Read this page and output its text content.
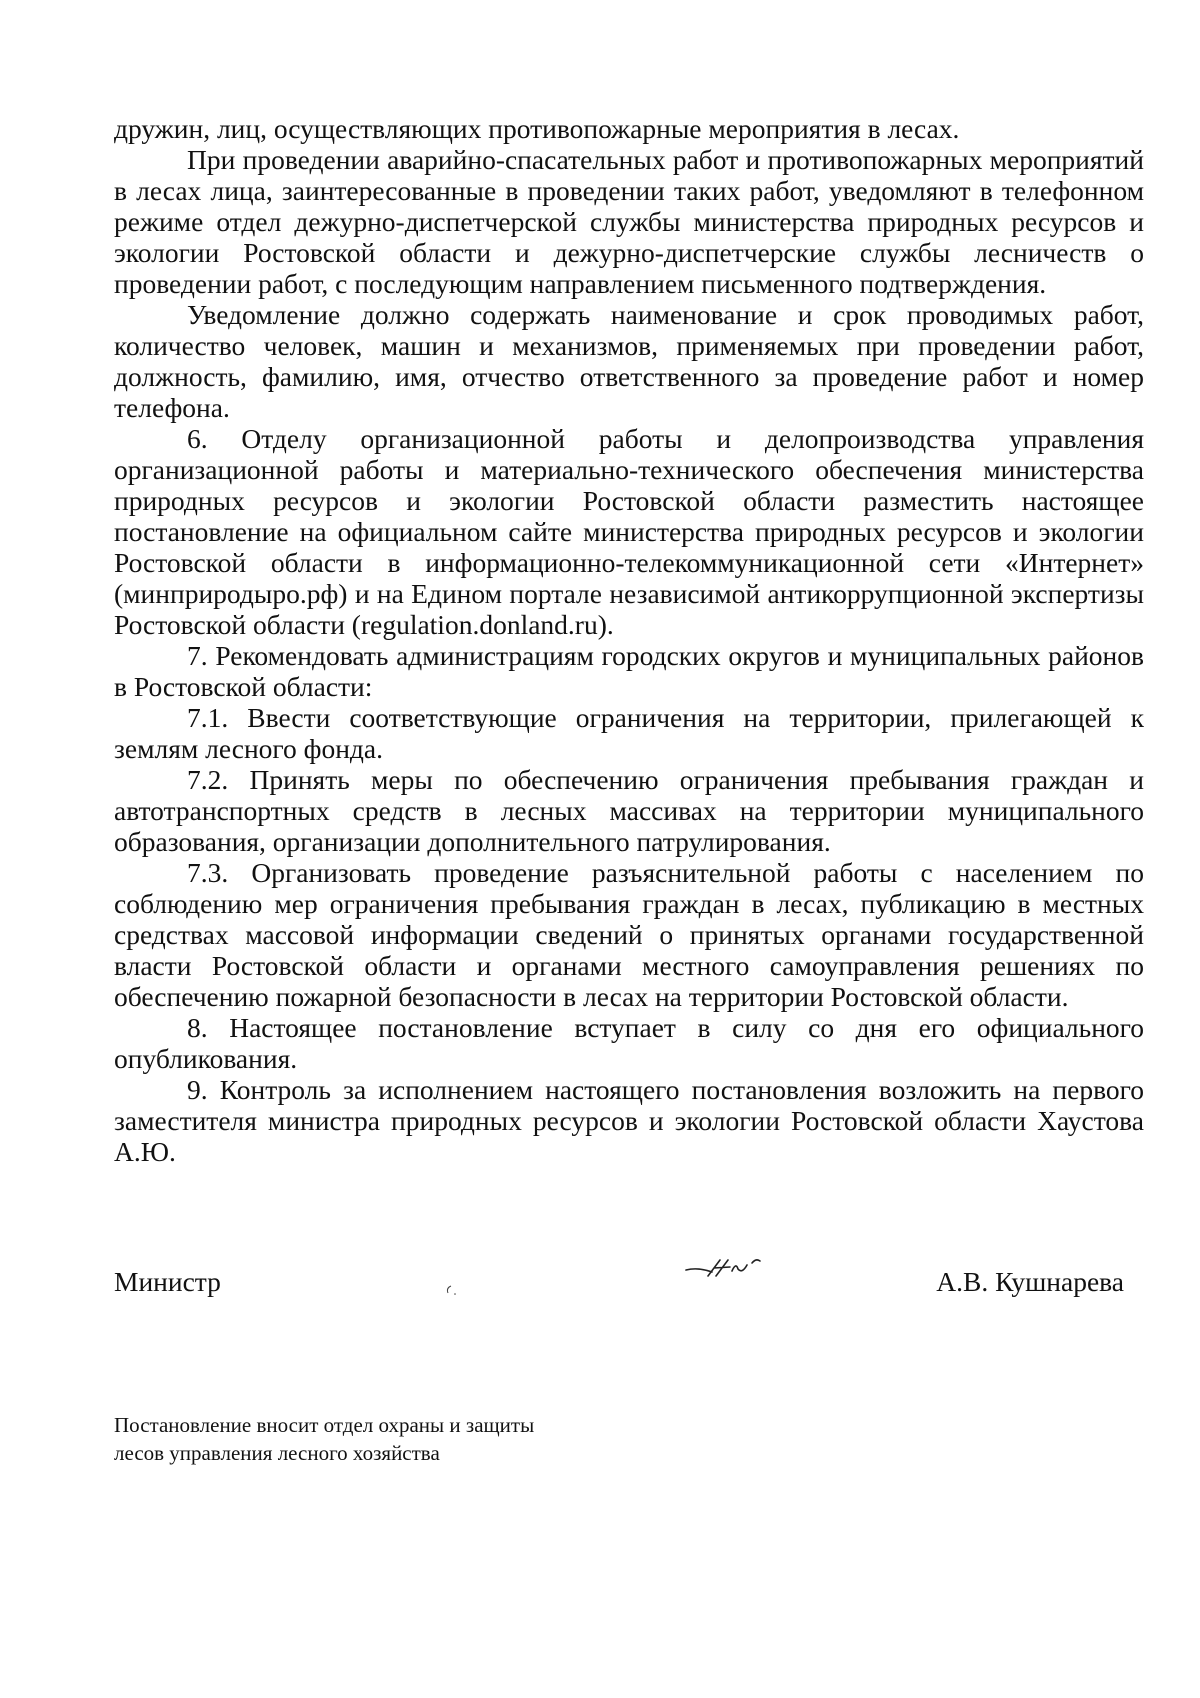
дружин, лиц, осуществляющих противопожарные мероприятия в лесах.

При проведении аварийно-спасательных работ и противопожарных мероприятий в лесах лица, заинтересованные в проведении таких работ, уведомляют в телефонном режиме отдел дежурно-диспетчерской службы министерства природных ресурсов и экологии Ростовской области и дежурно-диспетчерские службы лесничеств о проведении работ, с последующим направлением письменного подтверждения.

Уведомление должно содержать наименование и срок проводимых работ, количество человек, машин и механизмов, применяемых при проведении работ, должность, фамилию, имя, отчество ответственного за проведение работ и номер телефона.

6. Отделу организационной работы и делопроизводства управления организационной работы и материально-технического обеспечения министерства природных ресурсов и экологии Ростовской области разместить настоящее постановление на официальном сайте министерства природных ресурсов и экологии Ростовской области в информационно-телекоммуникационной сети «Интернет» (минприродыро.рф) и на Едином портале независимой антикоррупционной экспертизы Ростовской области (regulation.donland.ru).

7. Рекомендовать администрациям городских округов и муниципальных районов в Ростовской области:

7.1. Ввести соответствующие ограничения на территории, прилегающей к землям лесного фонда.

7.2. Принять меры по обеспечению ограничения пребывания граждан и автотранспортных средств в лесных массивах на территории муниципального образования, организации дополнительного патрулирования.

7.3. Организовать проведение разъяснительной работы с населением по соблюдению мер ограничения пребывания граждан в лесах, публикацию в местных средствах массовой информации сведений о принятых органами государственной власти Ростовской области и органами местного самоуправления решениях по обеспечению пожарной безопасности в лесах на территории Ростовской области.

8. Настоящее постановление вступает в силу со дня его официального опубликования.

9. Контроль за исполнением настоящего постановления возложить на первого заместителя министра природных ресурсов и экологии Ростовской области Хаустова А.Ю.

Министр	А.В. Кушнарева
Постановление вносит отдел охраны и защиты
лесов управления лесного хозяйства
